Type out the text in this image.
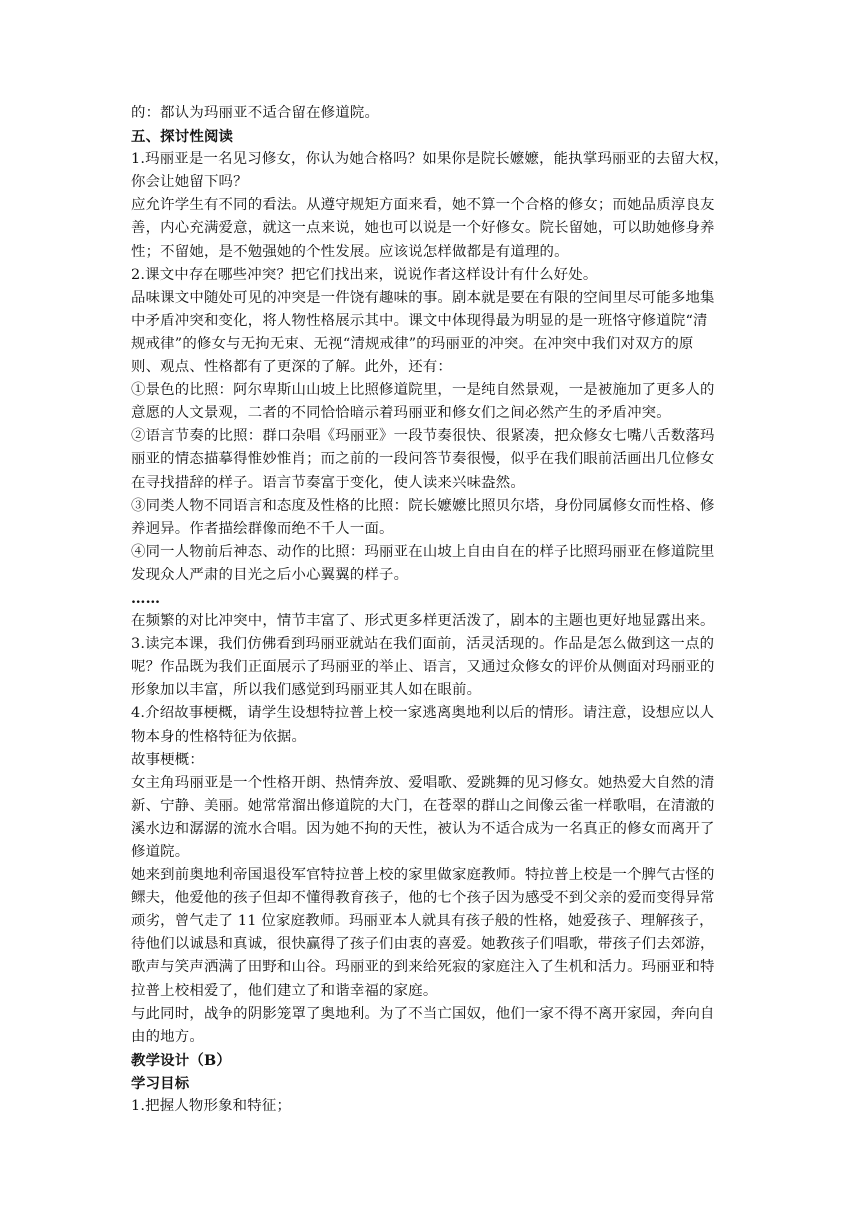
的：都认为玛丽亚不适合留在修道院。
五、探讨性阅读
1.玛丽亚是一名见习修女，你认为她合格吗？如果你是院长嬷嬷，能执掌玛丽亚的去留大权，
你会让她留下吗？
应允许学生有不同的看法。从遵守规矩方面来看，她不算一个合格的修女；而她品质淳良友
善，内心充满爱意，就这一点来说，她也可以说是一个好修女。院长留她，可以助她修身养
性；不留她，是不勉强她的个性发展。应该说怎样做都是有道理的。
2.课文中存在哪些冲突？把它们找出来，说说作者这样设计有什么好处。
品味课文中随处可见的冲突是一件饶有趣味的事。剧本就是要在有限的空间里尽可能多地集
中矛盾冲突和变化，将人物性格展示其中。课文中体现得最为明显的是一班恪守修道院“清
规戒律”的修女与无拘无束、无视“清规戒律”的玛丽亚的冲突。在冲突中我们对双方的原
则、观点、性格都有了更深的了解。此外，还有：
①景色的比照：阿尔卑斯山山坡上比照修道院里，一是纯自然景观，一是被施加了更多人的
意愿的人文景观，二者的不同恰恰暗示着玛丽亚和修女们之间必然产生的矛盾冲突。
②语言节奏的比照：群口杂唱《玛丽亚》一段节奏很快、很紧凑，把众修女七嘴八舌数落玛
丽亚的情态描摹得惟妙惟肖；而之前的一段问答节奏很慢，似乎在我们眼前活画出几位修女
在寻找措辞的样子。语言节奏富于变化，使人读来兴味盎然。
③同类人物不同语言和态度及性格的比照：院长嬷嬷比照贝尔塔，身份同属修女而性格、修
养迥异。作者描绘群像而绝不千人一面。
④同一人物前后神态、动作的比照：玛丽亚在山坡上自由自在的样子比照玛丽亚在修道院里
发现众人严肃的目光之后小心翼翼的样子。
……
在频繁的对比冲突中，情节丰富了、形式更多样更活泼了，剧本的主题也更好地显露出来。
3.读完本课，我们仿佛看到玛丽亚就站在我们面前，活灵活现的。作品是怎么做到这一点的
呢？作品既为我们正面展示了玛丽亚的举止、语言，又通过众修女的评价从侧面对玛丽亚的
形象加以丰富，所以我们感觉到玛丽亚其人如在眼前。
4.介绍故事梗概，请学生设想特拉普上校一家逃离奥地利以后的情形。请注意，设想应以人
物本身的性格特征为依据。
故事梗概：
女主角玛丽亚是一个性格开朗、热情奔放、爱唱歌、爱跳舞的见习修女。她热爱大自然的清
新、宁静、美丽。她常常溜出修道院的大门，在苍翠的群山之间像云雀一样歌唱，在清澈的
溪水边和潺潺的流水合唱。因为她不拘的天性，被认为不适合成为一名真正的修女而离开了
修道院。
她来到前奥地利帝国退役军官特拉普上校的家里做家庭教师。特拉普上校是一个脾气古怪的
鳏夫，他爱他的孩子但却不懂得教育孩子，他的七个孩子因为感受不到父亲的爱而变得异常
顽劣，曾气走了 11 位家庭教师。玛丽亚本人就具有孩子般的性格，她爱孩子、理解孩子，
待他们以诚恳和真诚，很快赢得了孩子们由衷的喜爱。她教孩子们唱歌，带孩子们去郊游，
歌声与笑声洒满了田野和山谷。玛丽亚的到来给死寂的家庭注入了生机和活力。玛丽亚和特
拉普上校相爱了，他们建立了和谐幸福的家庭。
与此同时，战争的阴影笼罩了奥地利。为了不当亡国奴，他们一家不得不离开家园，奔向自
由的地方。
教学设计（B）
学习目标
1.把握人物形象和特征；
